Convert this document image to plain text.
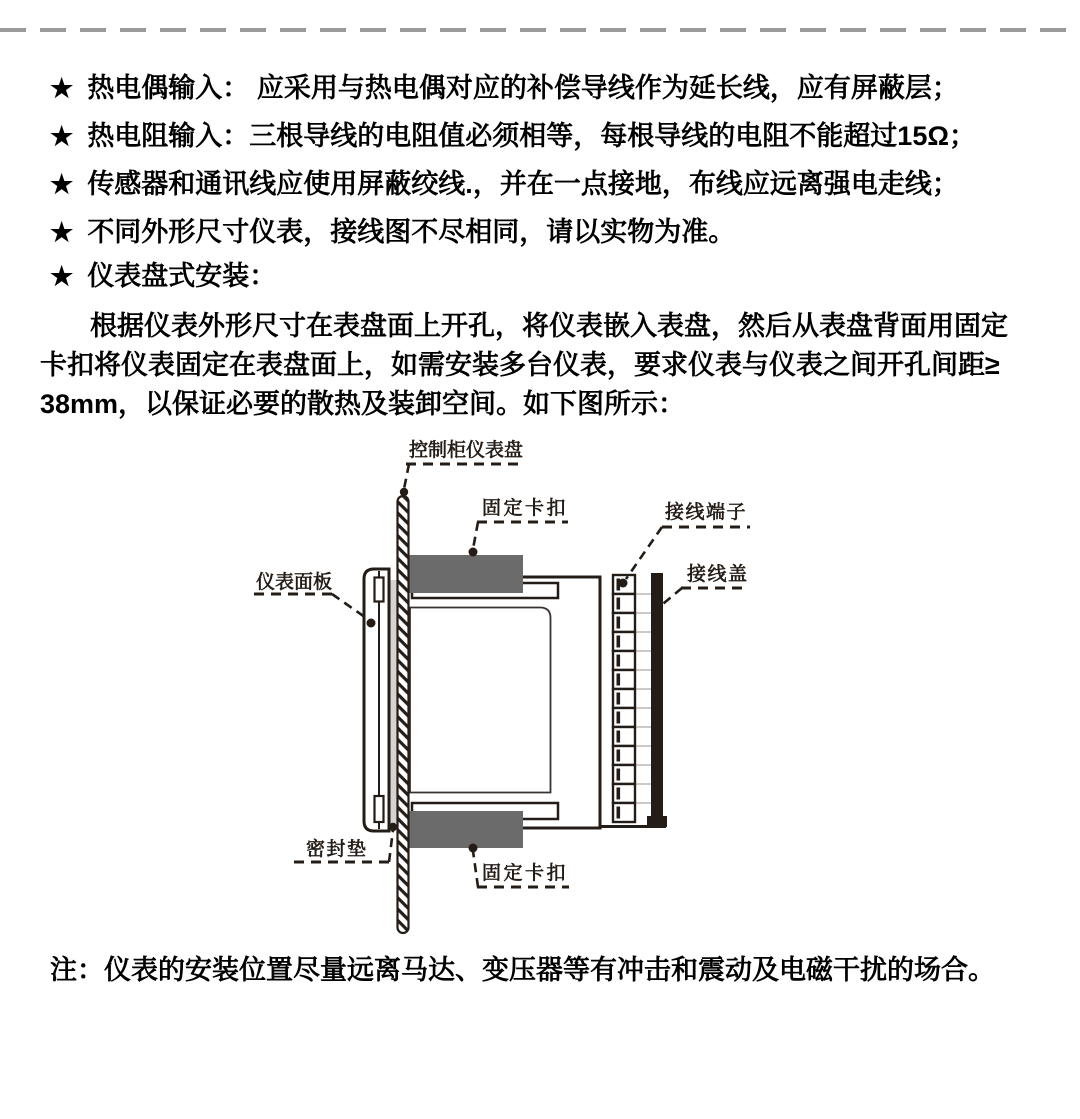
★ 热电偶输入： 应采用与热电偶对应的补偿导线作为延长线，应有屏蔽层；
★ 热电阻输入：三根导线的电阻值必须相等，每根导线的电阻不能超过15Ω；
★ 传感器和通讯线应使用屏蔽绞线.，并在一点接地，布线应远离强电走线；
★ 不同外形尺寸仪表，接线图不尽相同，请以实物为准。
★ 仪表盘式安装：
根据仪表外形尺寸在表盘面上开孔，将仪表嵌入表盘，然后从表盘背面用固定
卡扣将仪表固定在表盘面上，如需安装多台仪表，要求仪表与仪表之间开孔间距≥
38mm，以保证必要的散热及装卸空间。如下图所示：
控制柜仪表盘
固定卡扣	接线端子
接线盖
仪表面板
密封垫
固定卡扣
注：仪表的安装位置尽量远离马达、变压器等有冲击和震动及电磁干扰的场合。
